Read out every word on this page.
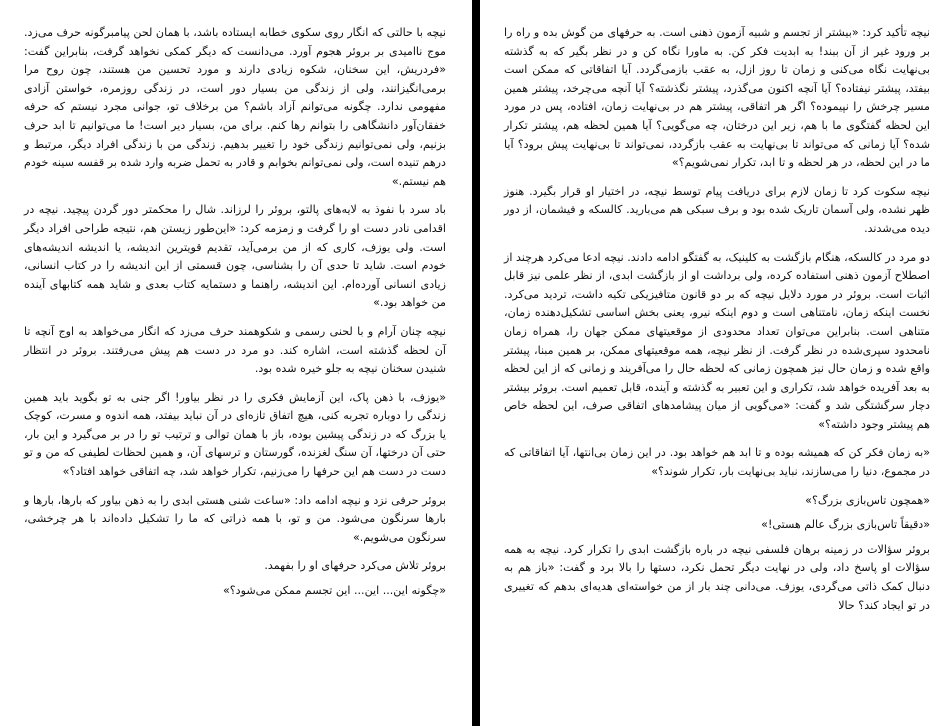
نیچه با حالتی که انگار روی سکوی خطابه ایستاده باشد، با همان لحن پیامبرگونه حرف می‌زد. موج ناامیدی بر بروئر هجوم آورد. می‌دانست که دیگر کمکی نخواهد گرفت، بنابراین گفت: «فردریش، این سخنان، شکوه زیادی دارند و مورد تحسین من هستند، چون روح مرا برمی‌انگیزانند، ولی از زندگی من بسیار دور است، در زندگی روزمره، خواستن آزادی مفهومی ندارد. چگونه می‌توانم آزاد باشم؟ من برخلاف تو، جوانی مجرد نیستم که حرفه خفقان‌آور دانشگاهی را بتوانم رها کنم. برای من، بسیار دیر است! ما می‌توانیم تا ابد حرف بزنیم، ولی نمی‌توانیم زندگی خود را تغییر بدهیم. زندگی من با زندگی افراد دیگر، مرتبط و درهم تنیده است، ولی نمی‌توانم بخوابم و قادر به تحمل ضربه وارد شده بر قفسه سینه خودم هم نیستم.»

باد سرد با نفوذ به لایه‌های پالتو، بروئر را لرزاند. شال را محکمتر دور گردن پیچید. نیچه در اقدامی نادر دست او را گرفت و زمزمه کرد: «این‌طور زیستن هم، نتیجه طراحی افراد دیگر است. ولی یوزف، کاری که از من برمی‌آید، تقدیم قویترین اندیشه، یا اندیشه اندیشه‌های خودم است. شاید تا حدی آن را بشناسی، چون قسمتی از این اندیشه را در کتاب انسانی، زیادی انسانی آورده‌ام. این اندیشه، راهنما و دستمایه کتاب بعدی و شاید همه کتابهای آینده من خواهد بود.»

نیچه چنان آرام و با لحنی رسمی و شکوهمند حرف می‌زد که انگار می‌خواهد به اوج آنچه تا آن لحظه گذشته است، اشاره کند. دو مرد در دست هم پیش می‌رفتند. بروئر در انتظار شنیدن سخنان نیچه به جلو خیره شده بود.

«یوزف، با ذهن پاک، این آزمایش فکری را در نظر بیاور! اگر جنی به تو بگوید باید همین زندگی را دوباره تجربه کنی، هیچ اتفاق تازه‌ای در آن نباید بیفتد، همه اندوه و مسرت، کوچک یا بزرگ که در زندگی پیشین بوده، باز با همان توالی و ترتیب تو را در بر می‌گیرد و این بار، حتی آن درختها، آن سنگ لغزنده، گورستان و ترسهای آن، و همین لحظات لطیفی که من و تو دست در دست هم این حرفها را می‌زنیم، تکرار خواهد شد، چه اتفاقی خواهد افتاد؟»

بروئر حرفی نزد و نیچه ادامه داد: «ساعت شنی هستی ابدی را به ذهن بیاور که بارها، بارها و بارها سرنگون می‌شود. من و تو، با همه ذراتی که ما را تشکیل داده‌اند با هر چرخشی، سرنگون می‌شویم.»

بروئر تلاش می‌کرد حرفهای او را بفهمد.

«چگونه این... این... این تجسم ممکن می‌شود؟»

نیچه تأکید کرد: «بیشتر از تجسم و شبیه آزمون ذهنی است. به حرفهای من گوش بده و راه را بر ورود غیر از آن ببند! به ابدیت فکر کن. به ماورا نگاه کن و در نظر بگیر که به گذشته بی‌نهایت نگاه می‌کنی و زمان تا روز ازل، به عقب بازمی‌گردد. آیا اتفاقاتی که ممکن است بیفتد، پیشتر نیفتاده؟ آیا آنچه اکنون می‌گذرد، پیشتر نگذشته؟ آیا آنچه می‌چرخد، پیشتر همین مسیر چرخش را نپیموده؟ اگر هر اتفاقی، پیشتر هم در بی‌نهایت زمان، افتاده، پس در مورد این لحظه گفتگوی ما با هم، زیر این درختان، چه می‌گویی؟ آیا همین لحظه هم، پیشتر تکرار شده؟ آیا زمانی که می‌تواند تا بی‌نهایت به عقب بازگردد، نمی‌تواند تا بی‌نهایت پیش برود؟ آیا ما در این لحظه، در هر لحظه و تا ابد، تکرار نمی‌شویم؟»

نیچه سکوت کرد تا زمان لازم برای دریافت پیام توسط نیچه، در اختیار او قرار بگیرد. هنوز ظهر نشده، ولی آسمان تاریک شده بود و برف سبکی هم می‌بارید. کالسکه و فیشمان، از دور دیده می‌شدند.

دو مرد در کالسکه، هنگام بازگشت به کلینیک، به گفتگو ادامه دادند. نیچه ادعا می‌کرد هرچند از اصطلاح آزمون ذهنی استفاده کرده، ولی برداشت او از بازگشت ابدی، از نظر علمی نیز قابل اثبات است. بروئر در مورد دلایل نیچه که بر دو قانون متافیزیکی تکیه داشت، تردید می‌کرد. نخست اینکه زمان، نامتناهی است و دوم اینکه نیرو، یعنی بخش اساسی تشکیل‌دهنده زمان، متناهی است. بنابراین می‌توان تعداد محدودی از موقعیتهای ممکن جهان را، همراه زمان نامحدود سپری‌شده در نظر گرفت. از نظر نیچه، همه موقعیتهای ممکن، بر همین مبنا، پیشتر واقع شده و زمان حال نیز همچون زمانی که لحظه حال را می‌آفریند و زمانی که از این لحظه به بعد آفریده خواهد شد، تکراری و این تعبیر به گذشته و آینده، قابل تعمیم است. بروئر بیشتر دچار سرگشتگی شد و گفت: «می‌گویی از میان پیشامدهای اتفاقی صرف، این لحظه خاص هم پیشتر وجود داشته؟»

«به زمان فکر کن که همیشه بوده و تا ابد هم خواهد بود. در این زمان بی‌انتها، آیا اتفاقاتی که در مجموع، دنیا را می‌سازند، نباید بی‌نهایت بار، تکرار شوند؟»

«همچون تاس‌بازی بزرگ؟»

«دقیقاً تاس‌بازی بزرگ عالم هستی!»

بروئر سؤالات در زمینه برهان فلسفی نیچه در باره بازگشت ابدی را تکرار کرد. نیچه به همه سؤالات او پاسخ داد، ولی در نهایت دیگر تحمل نکرد، دستها را بالا برد و گفت: «باز هم به دنبال کمک ذاتی می‌گردی، یوزف. می‌دانی چند بار از من خواسته‌ای هدیه‌ای بدهم که تغییری در تو ایجاد کند؟ حالا
